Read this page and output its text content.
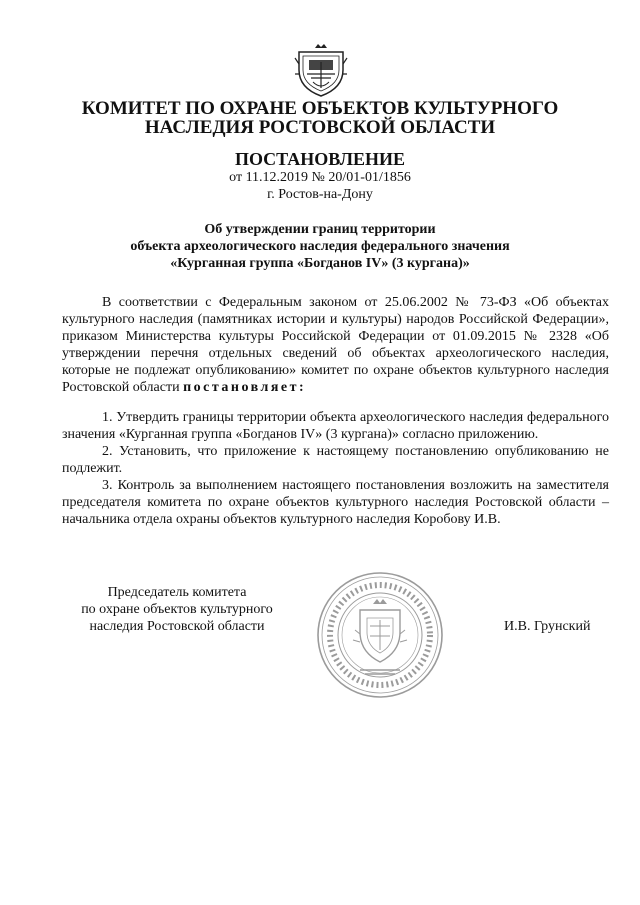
КОМИТЕТ ПО ОХРАНЕ ОБЪЕКТОВ КУЛЬТУРНОГО
НАСЛЕДИЯ РОСТОВСКОЙ ОБЛАСТИ
ПОСТАНОВЛЕНИЕ
от 11.12.2019 № 20/01-01/1856
г. Ростов-на-Дону
Об утверждении границ территории
объекта археологического наследия федерального значения
«Курганная группа «Богданов IV» (3 кургана)»

В соответствии с Федеральным законом от 25.06.2002 № 73-ФЗ «Об объектах культурного наследия (памятниках истории и культуры) народов Российской Федерации», приказом Министерства культуры Российской Федерации от 01.09.2015 № 2328 «Об утверждении перечня отдельных сведений об объектах археологического наследия, которые не подлежат опубликованию» комитет по охране объектов культурного наследия Ростовской области постановляет:

1. Утвердить границы территории объекта археологического наследия федерального значения «Курганная группа «Богданов IV» (3 кургана)» согласно приложению.

2. Установить, что приложение к настоящему постановлению опубликованию не подлежит.

3. Контроль за выполнением настоящего постановления возложить на заместителя председателя комитета по охране объектов культурного наследия Ростовской области – начальника отдела охраны объектов культурного наследия Коробову И.В.

Председатель комитета
по охране объектов культурного
наследия Ростовской области	И.В. Грунский
